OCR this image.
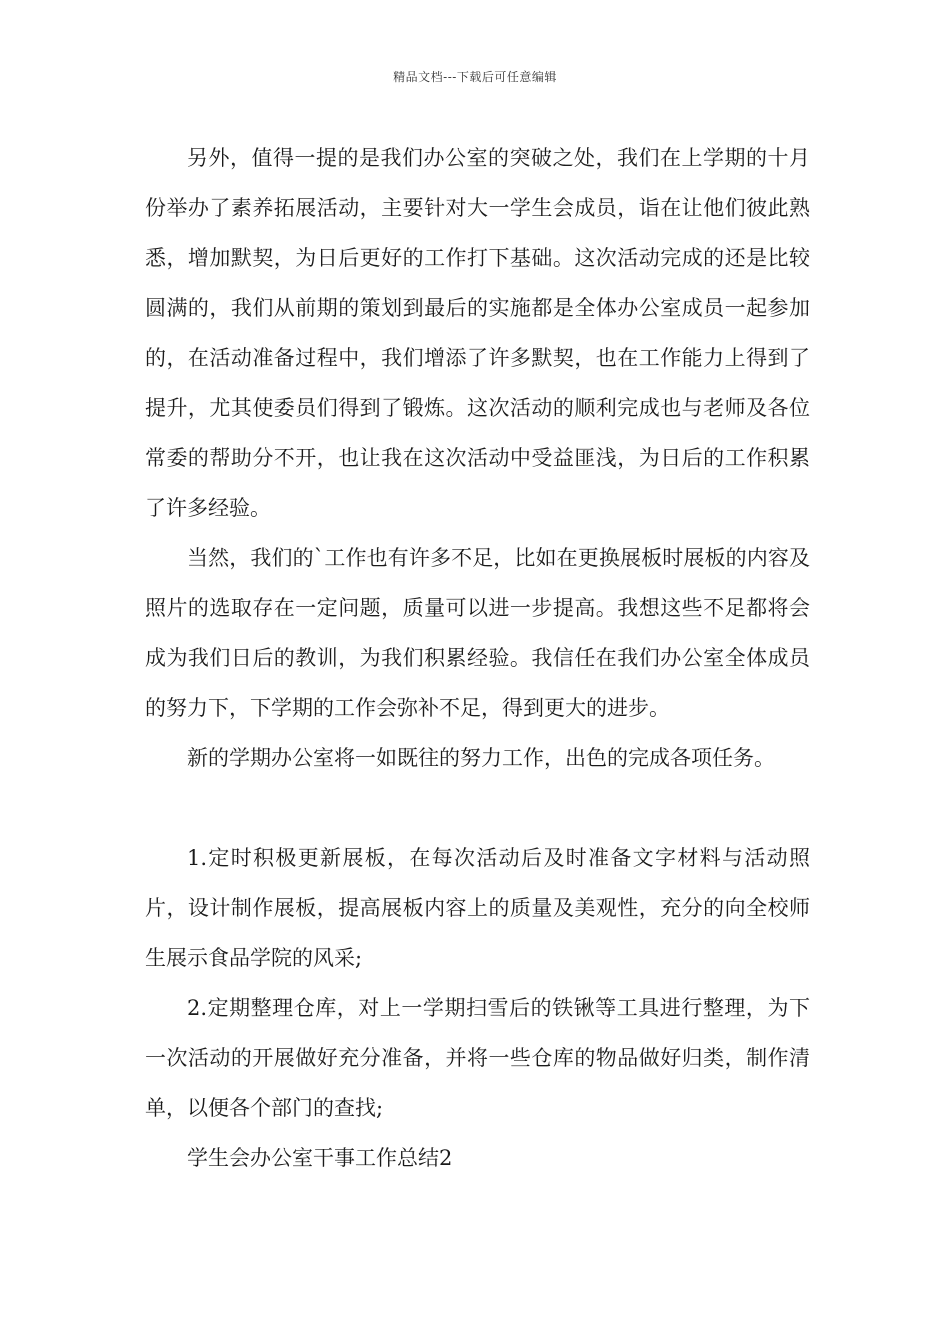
精品文档---下载后可任意编辑

另外，值得一提的是我们办公室的突破之处，我们在上学期的十月份举办了素养拓展活动，主要针对大一学生会成员，诣在让他们彼此熟悉，增加默契，为日后更好的工作打下基础。这次活动完成的还是比较圆满的，我们从前期的策划到最后的实施都是全体办公室成员一起参加的，在活动准备过程中，我们增添了许多默契，也在工作能力上得到了提升，尤其使委员们得到了锻炼。这次活动的顺利完成也与老师及各位常委的帮助分不开，也让我在这次活动中受益匪浅，为日后的工作积累了许多经验。

当然，我们的`工作也有许多不足，比如在更换展板时展板的内容及照片的选取存在一定问题，质量可以进一步提高。我想这些不足都将会成为我们日后的教训，为我们积累经验。我信任在我们办公室全体成员的努力下，下学期的工作会弥补不足，得到更大的进步。

新的学期办公室将一如既往的努力工作，出色的完成各项任务。

1.定时积极更新展板，在每次活动后及时准备文字材料与活动照片，设计制作展板，提高展板内容上的质量及美观性，充分的向全校师生展示食品学院的风采;

2.定期整理仓库，对上一学期扫雪后的铁锹等工具进行整理，为下一次活动的开展做好充分准备，并将一些仓库的物品做好归类，制作清单，以便各个部门的查找;

学生会办公室干事工作总结2
